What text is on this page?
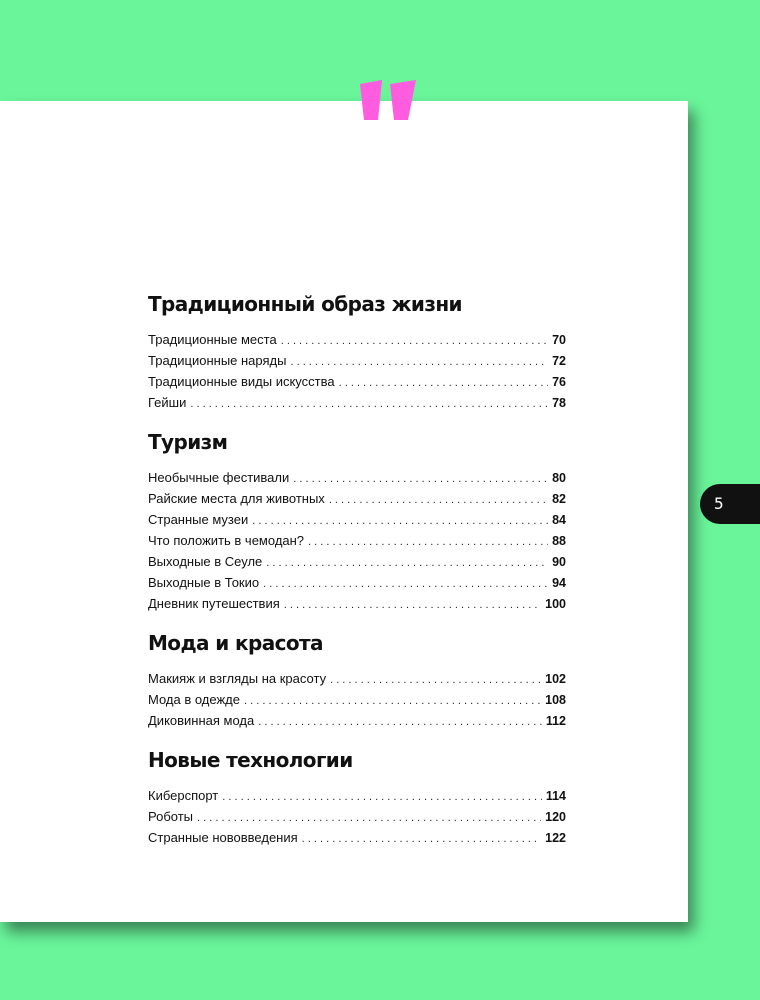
Традиционный образ жизни
Традиционные места . . .	70
Традиционные наряды . . .	72
Традиционные виды искусства . . .	76
Гейши . . .	78
Туризм
Необычные фестивали . . .	80
Райские места для животных . . .	82
Странные музеи . . .	84
Что положить в чемодан? . . .	88
Выходные в Сеуле . . .	90
Выходные в Токио . . .	94
Дневник путешествия . . .	100
Мода и красота
Макияж и взгляды на красоту . . .	102
Мода в одежде . . .	108
Диковинная мода . . .	112
Новые технологии
Киберспорт . . .	114
Роботы . . .	120
Странные нововведения . . .	122
5
